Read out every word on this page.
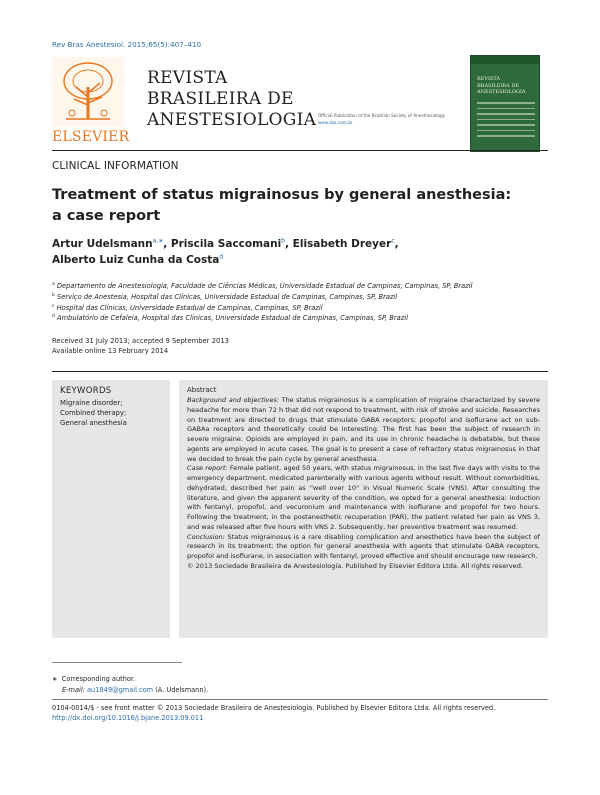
Rev Bras Anestesiol. 2015;65(5):407–410
ELSEVIER
REVISTA
BRASILEIRA DE
ANESTESIOLOGIA Official Publication of the Brazilian Society of Anesthesiology
www.sba.com.br
REVISTA
BRASILEIRA DE
ANESTESIOLOGIA
CLINICAL INFORMATION
Treatment of status migrainosus by general anesthesia:
a case report
Artur Udelsmann$^{a,∗}$, Priscila Saccomani$^b$, Elisabeth Dreyer$^c$,
Alberto Luiz Cunha da Costa$^d$
$^a$ Departamento de Anestesiologia, Faculdade de Ciências Médicas, Universidade Estadual de Campinas, Campinas, SP, Brazil
$^b$ Serviço de Anestesia, Hospital das Clínicas, Universidade Estadual de Campinas, Campinas, SP, Brazil
$^c$ Hospital das Clínicas, Universidade Estadual de Campinas, Campinas, SP, Brazil
$^d$ Ambulatório de Cefaleia, Hospital das Clínicas, Universidade Estadual de Campinas, Campinas, SP, Brazil
Received 31 July 2013; accepted 9 September 2013
Available online 13 February 2014
KEYWORDS
Migraine disorder;
Combined therapy;
General anesthesia
Abstract
Background and objectives: The status migrainosus is a complication of migraine characterized by severe headache for more than 72 h that did not respond to treatment, with risk of stroke and suicide. Researches on treatment are directed to drugs that stimulate GABA receptors; propofol and isoflurane act on sub-GABAa receptors and theoretically could be interesting. The first has been the subject of research in severe migraine. Opioids are employed in pain, and its use in chronic headache is debatable, but these agents are employed in acute cases. The goal is to present a case of refractory status migrainosus in that we decided to break the pain cycle by general anesthesia.
Case report: Female patient, aged 50 years, with status migrainosus, in the last five days with visits to the emergency department, medicated parenterally with various agents without result. Without comorbidities, dehydrated, described her pain as ''well over 10'' in Visual Numeric Scale (VNS). After consulting the literature, and given the apparent severity of the condition, we opted for a general anesthesia: induction with fentanyl, propofol, and vecuronium and maintenance with isoflurane and propofol for two hours. Following the treatment, in the postanesthetic recuperation (PAR), the patient related her pain as VNS 3, and was released after five hours with VNS 2. Subsequently, her preventive treatment was resumed.
Conclusion: Status migrainosus is a rare disabling complication and anesthetics have been the subject of research in its treatment; the option for general anesthesia with agents that stimulate GABA receptors, propofol and isoflurane, in association with fentanyl, proved effective and should encourage new research.
© 2013 Sociedade Brasileira de Anestesiologia. Published by Elsevier Editora Ltda. All rights reserved.
∗ Corresponding author.
E-mail: au1849@gmail.com (A. Udelsmann).
0104-0014/$ - see front matter © 2013 Sociedade Brasileira de Anestesiologia. Published by Elsevier Editora Ltda. All rights reserved.
http://dx.doi.org/10.1016/j.bjane.2013.09.011
